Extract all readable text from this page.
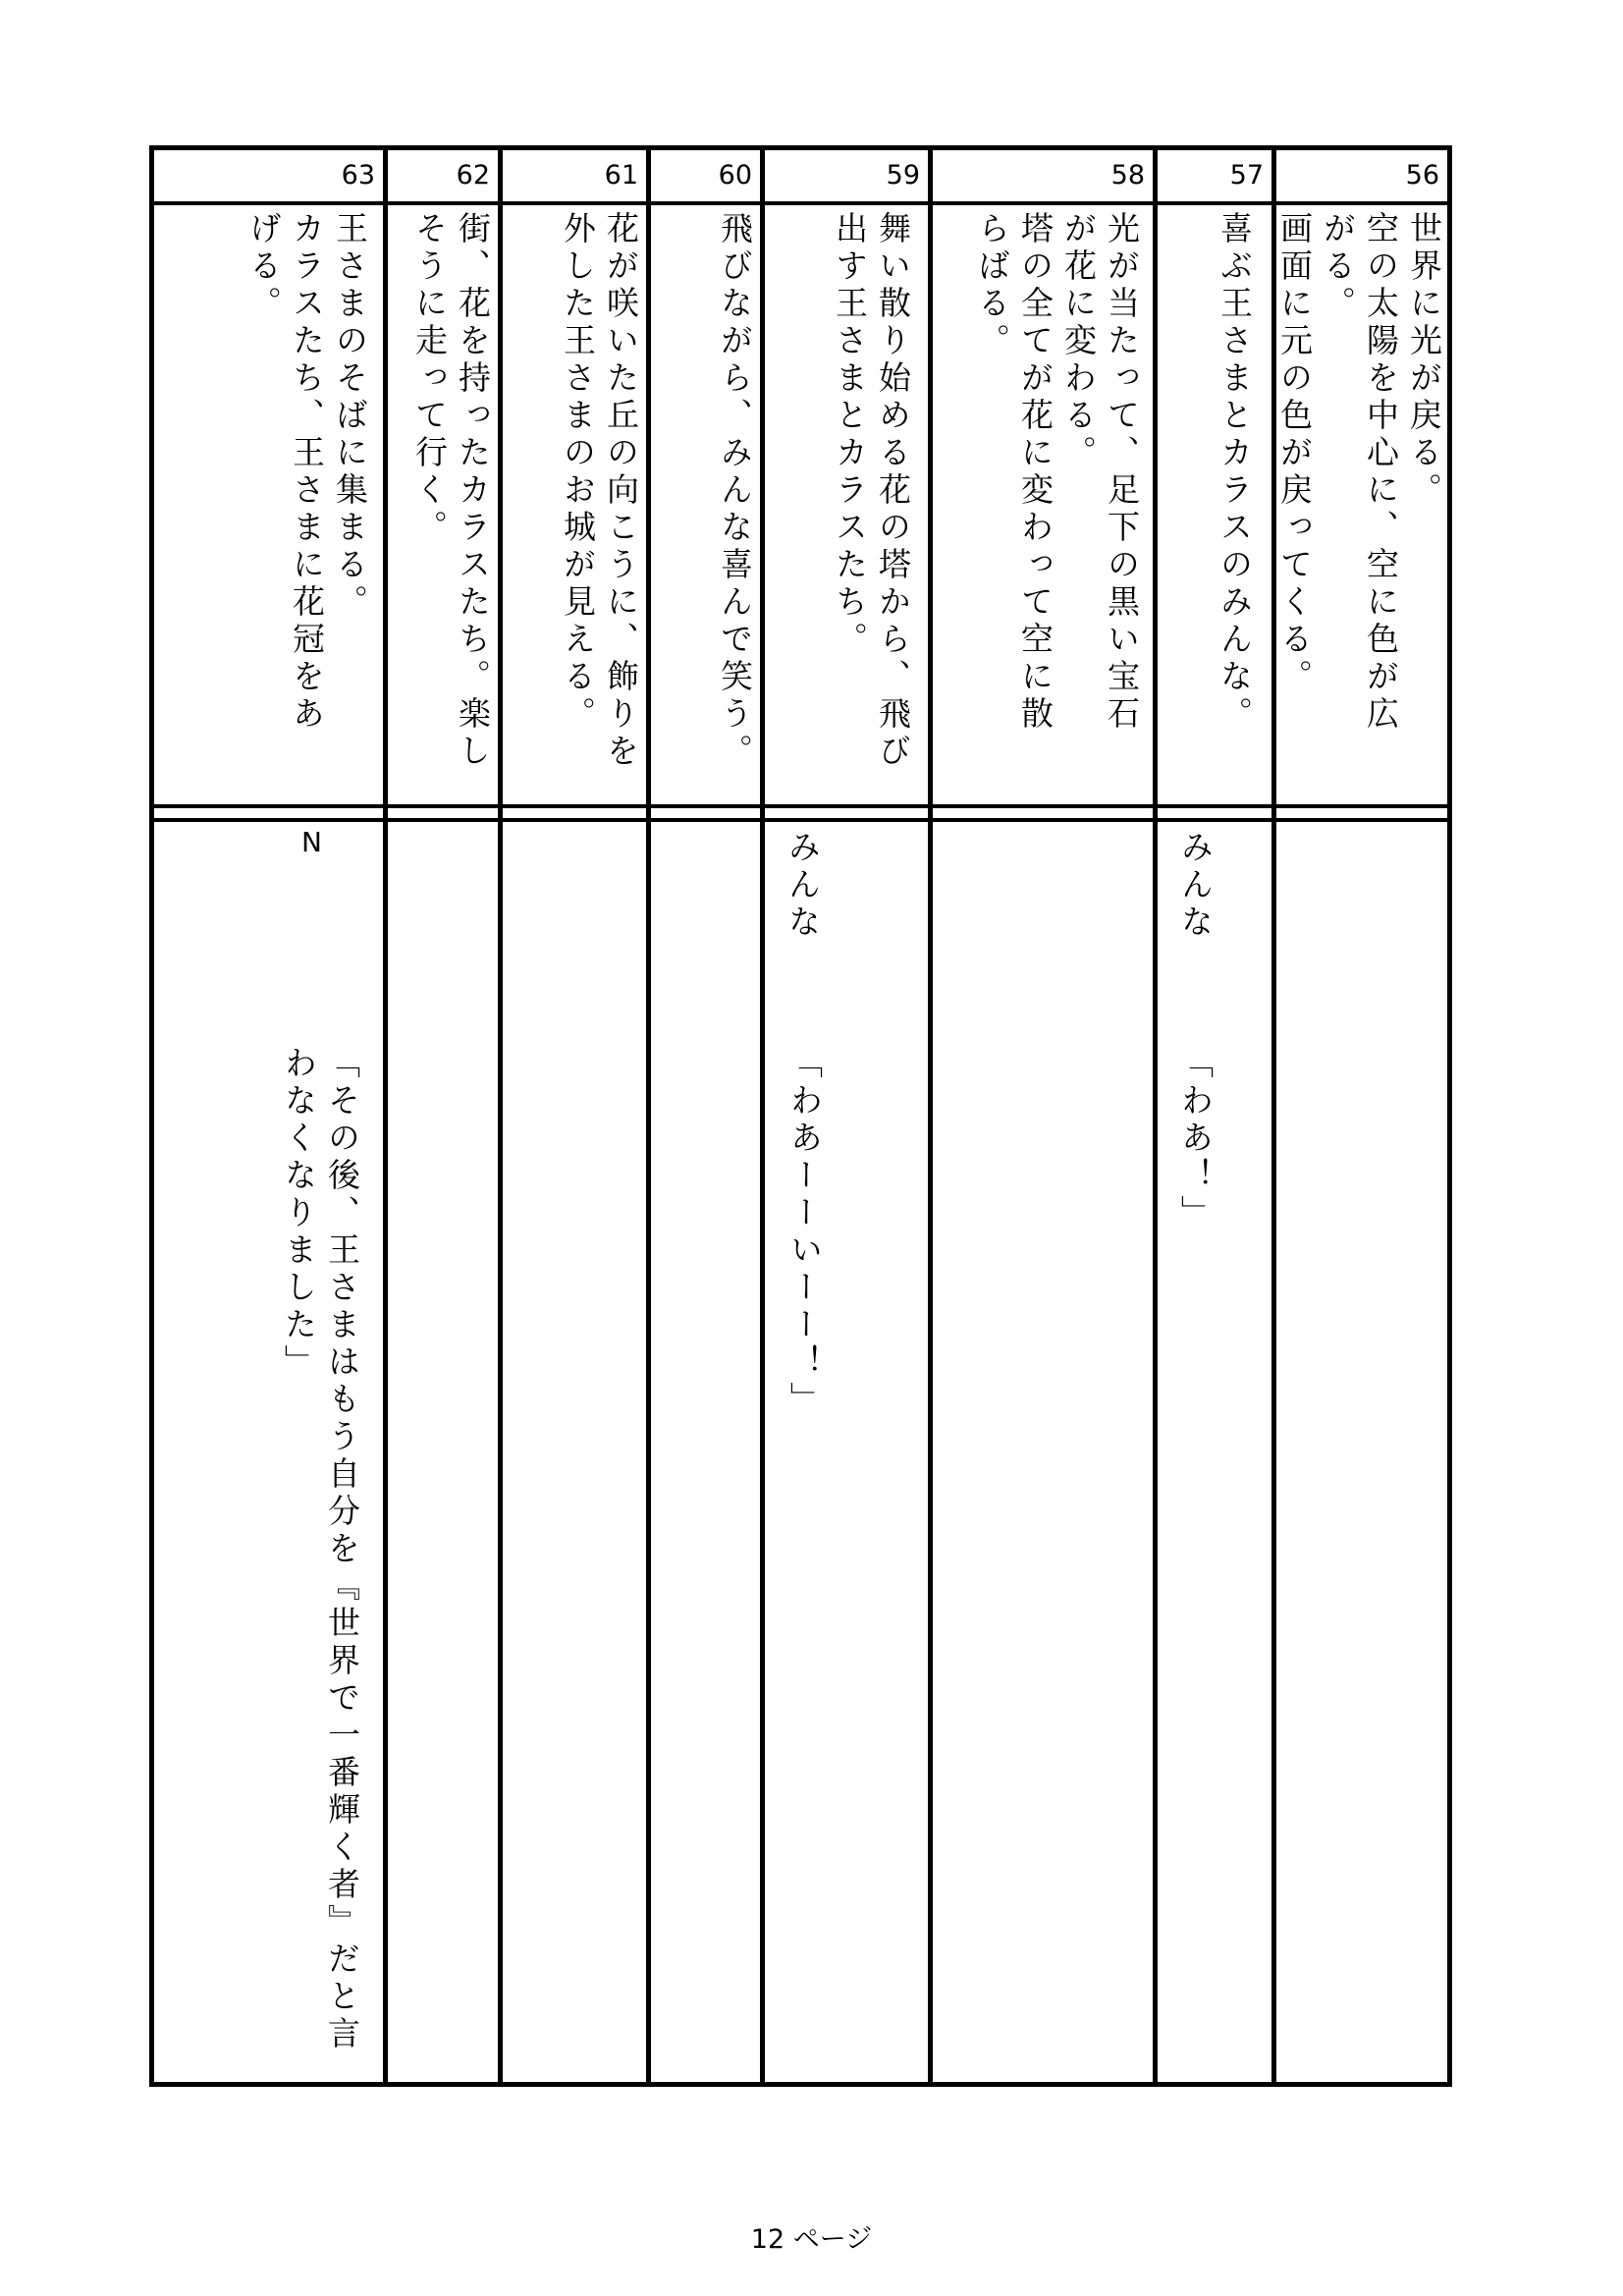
63
王さまのそばに集まる。
カラスたち、王さまに花冠をあ
げる。
N
「その後、王さまはもう自分を『世界で一番輝く者』だと言わなくなりました」
62
街、花を持ったカラスたち。楽しそうに走って行く。
61
花が咲いた丘の向こうに、飾りを外した王さまのお城が見える。
60
飛びながら、みんな喜んで笑う。
59
舞い散り始める花の塔から、飛び出す王さまとカラスたち。
みんな
「わあーーいーー！」
58
光が当たって、足下の黒い宝石
が花に変わる。
塔の全てが花に変わって空に散
らばる。
57
喜ぶ王さまとカラスのみんな。
みんな
「わあ！」
56
世界に光が戻る。
空の太陽を中心に、空に色が広
がる。
画面に元の色が戻ってくる。
12 ページ
